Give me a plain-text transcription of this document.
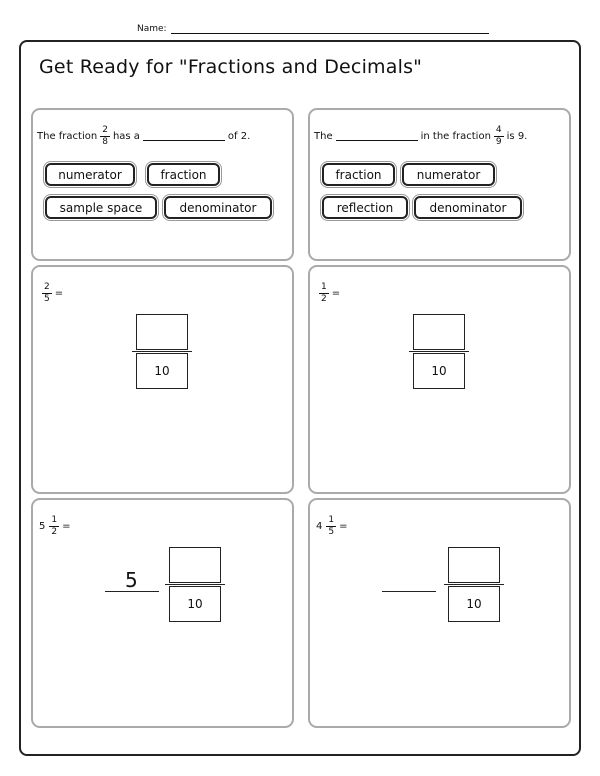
Name:
Get Ready for "Fractions and Decimals"
The fraction $\frac{2}{8}$ has a	of 2.
numerator	fraction
sample space	denominator
The	in the fraction $\frac{4}{9}$ is 9.
fraction	numerator
reflection	denominator
$\frac{2}{5}$ =
10
$\frac{1}{2}$ =
10
$5 \frac{1}{2}$ =
5
10
$4 \frac{1}{5}$ =
10
